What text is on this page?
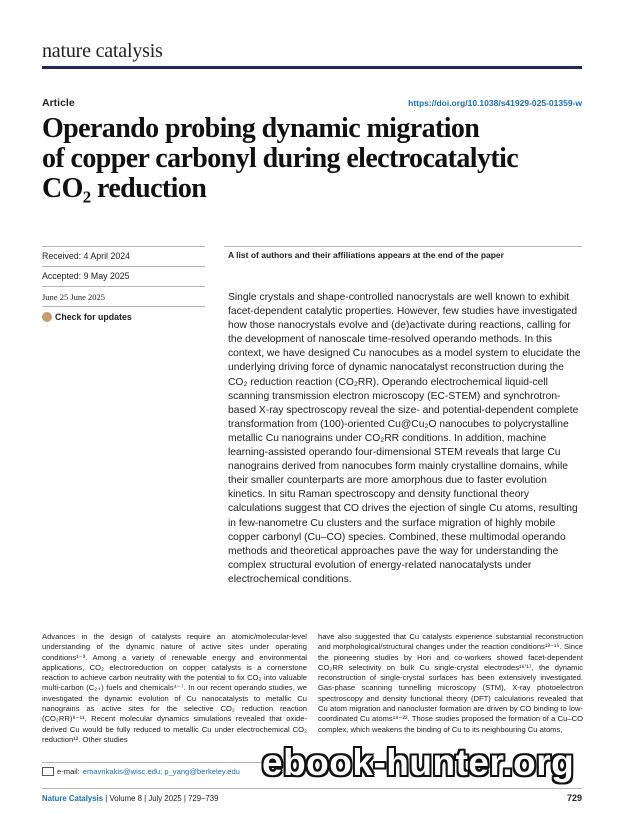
nature catalysis
Article	https://doi.org/10.1038/s41929-025-01359-w
Operando probing dynamic migration
of copper carbonyl during electrocatalytic
CO₂ reduction
Received: 4 April 2024
Accepted: 9 May 2025
June 25 June 2025
Check for updates
A list of authors and their affiliations appears at the end of the paper
Single crystals and shape-controlled nanocrystals are well known to exhibit facet-dependent catalytic properties. However, few studies have investigated how those nanocrystals evolve and (de)activate during reactions, calling for the development of nanoscale time-resolved operando methods. In this context, we have designed Cu nanocubes as a model system to elucidate the underlying driving force of dynamic nanocatalyst reconstruction during the CO₂ reduction reaction (CO₂RR). Operando electrochemical liquid-cell scanning transmission electron microscopy (EC-STEM) and synchrotron-based X-ray spectroscopy reveal the size- and potential-dependent complete transformation from (100)-oriented Cu@Cu₂O nanocubes to polycrystalline metallic Cu nanograins under CO₂RR conditions. In addition, machine learning-assisted operando four-dimensional STEM reveals that large Cu nanograins derived from nanocubes form mainly crystalline domains, while their smaller counterparts are more amorphous due to faster evolution kinetics. In situ Raman spectroscopy and density functional theory calculations suggest that CO drives the ejection of single Cu atoms, resulting in few-nanometre Cu clusters and the surface migration of highly mobile copper carbonyl (Cu–CO) species. Combined, these multimodal operando methods and theoretical approaches pave the way for understanding the complex structural evolution of energy-related nanocatalysts under electrochemical conditions.
Advances in the design of catalysts require an atomic/molecular-level understanding of the dynamic nature of active sites under operating conditions¹⁻³. Among a variety of renewable energy and environmental applications, CO₂ electroreduction on copper catalysts is a cornerstone reaction to achieve carbon neutrality with the potential to fix CO₂ into valuable multi-carbon (C₂₊) fuels and chemicals⁴⁻⁷. In our recent operando studies, we investigated the dynamic evolution of Cu nanocatalysts to metallic Cu nanograins as active sites for the selective CO₂ reduction reaction (CO₂RR)⁸⁻¹¹. Recent molecular dynamics simulations revealed that oxide-derived Cu would be fully reduced to metallic Cu under electrochemical CO₂ reduction¹². Other studies
have also suggested that Cu catalysts experience substantial reconstruction and morphological/structural changes under the reaction conditions¹³⁻¹⁵. Since the pioneering studies by Hori and co-workers showed facet-dependent CO₂RR selectivity on bulk Cu single-crystal electrodes¹⁶ʼ¹⁷, the dynamic reconstruction of single-crystal surfaces has been extensively investigated. Gas-phase scanning tunnelling microscopy (STM), X-ray photoelectron spectroscopy and density functional theory (DFT) calculations revealed that Cu atom migration and nanocluster formation are driven by CO binding to low-coordinated Cu atoms¹⁸⁻²². Those studies proposed the formation of a Cu–CO complex, which weakens the binding of Cu to its neighbouring Cu atoms,
e-mail: emavrikakis@wisc.edu; p_yang@berkeley.edu
Nature Catalysis | Volume 8 | July 2025 | 729–739	729
ebook-hunter.org
